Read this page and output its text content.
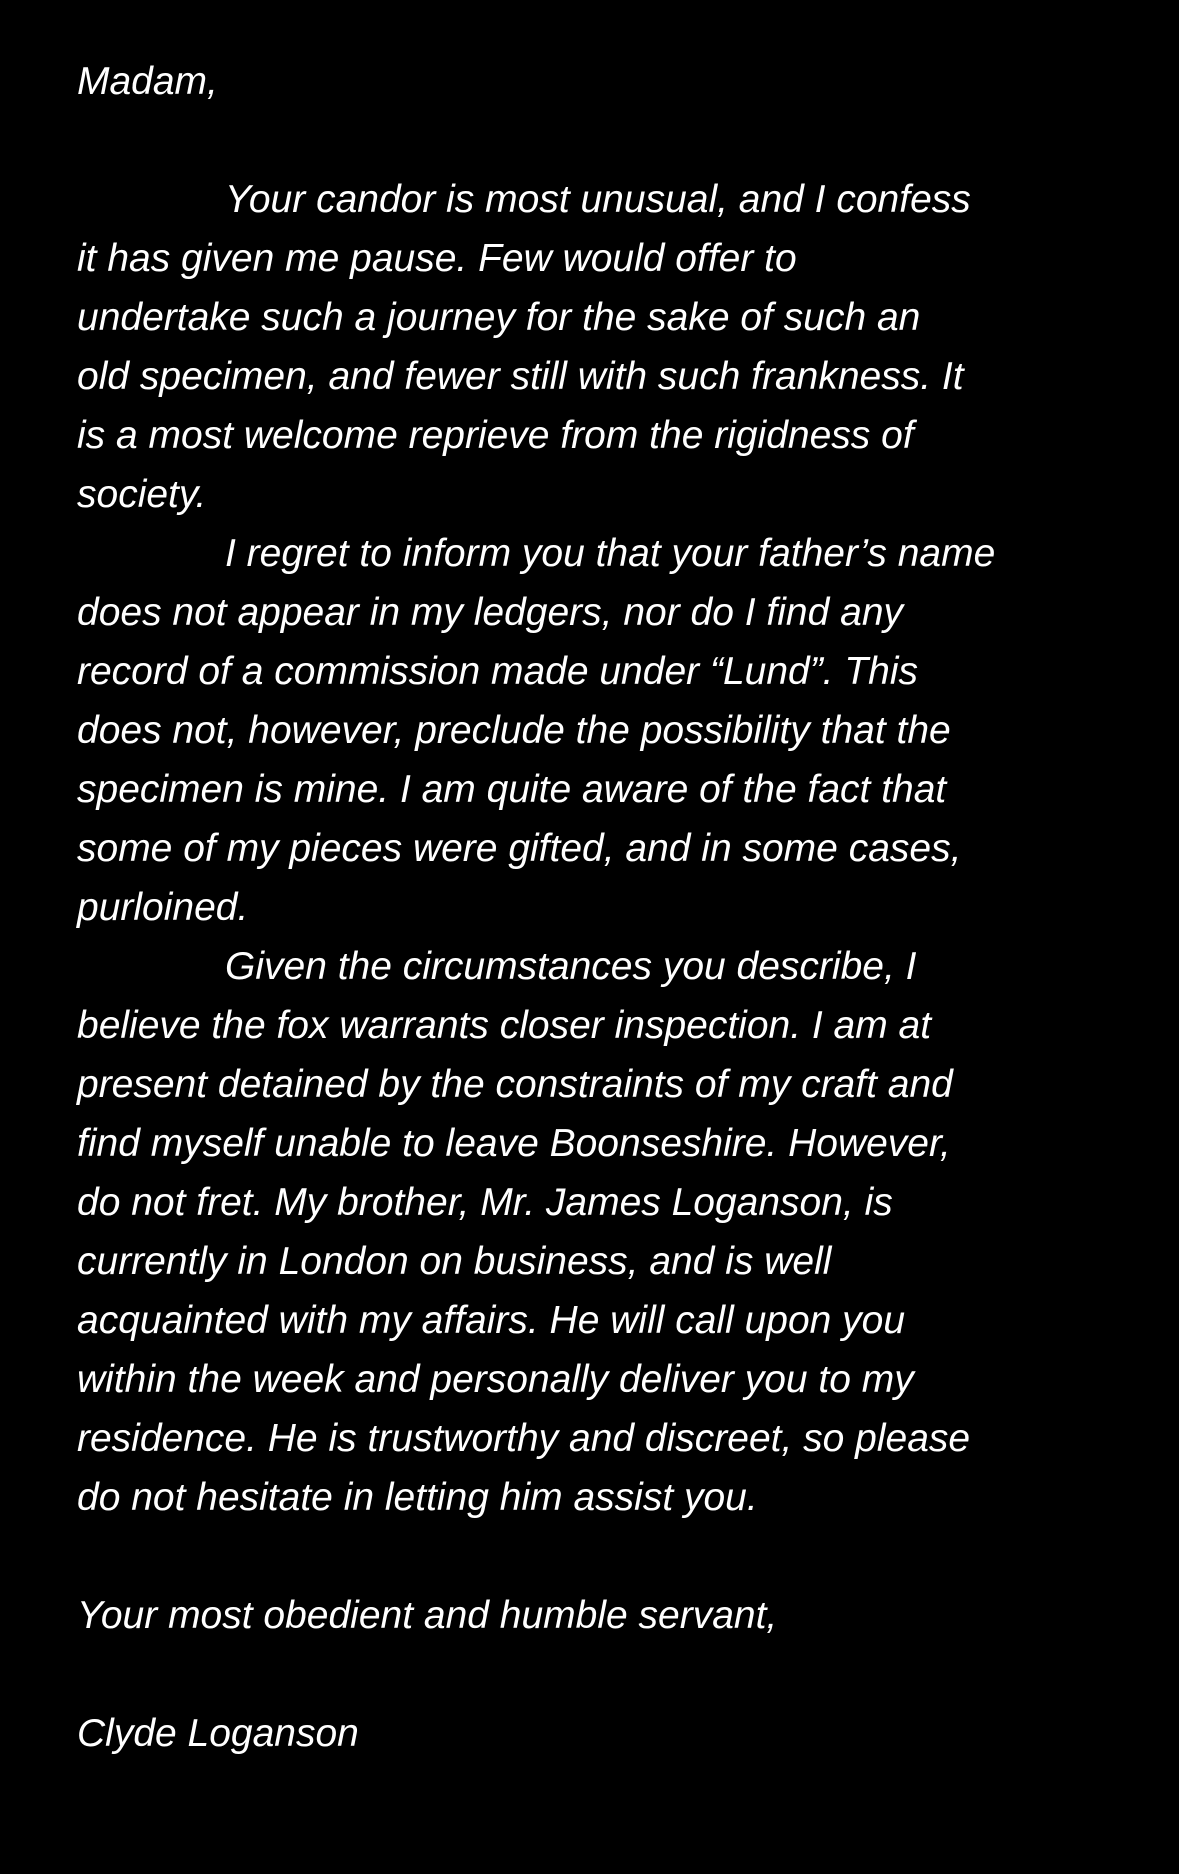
Madam,
Your candor is most unusual, and I confess
it has given me pause. Few would offer to
undertake such a journey for the sake of such an
old specimen, and fewer still with such frankness. It
is a most welcome reprieve from the rigidness of
society.
I regret to inform you that your father’s name
does not appear in my ledgers, nor do I find any
record of a commission made under “Lund”. This
does not, however, preclude the possibility that the
specimen is mine. I am quite aware of the fact that
some of my pieces were gifted, and in some cases,
purloined.
Given the circumstances you describe, I
believe the fox warrants closer inspection. I am at
present detained by the constraints of my craft and
find myself unable to leave Boonseshire. However,
do not fret. My brother, Mr. James Loganson, is
currently in London on business, and is well
acquainted with my affairs. He will call upon you
within the week and personally deliver you to my
residence. He is trustworthy and discreet, so please
do not hesitate in letting him assist you.
Your most obedient and humble servant,
Clyde Loganson
